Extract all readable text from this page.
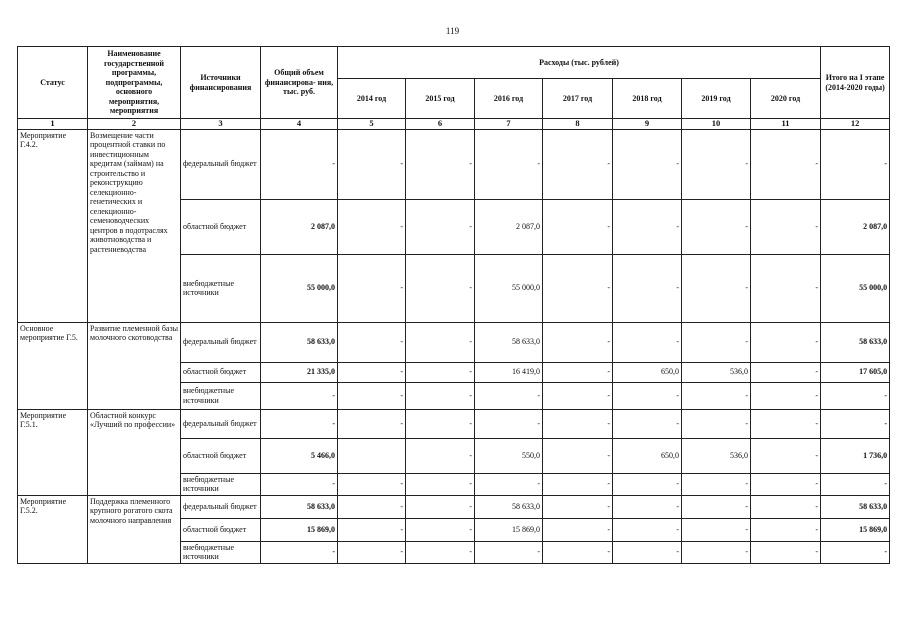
119
Статус	Наименование государственной программы, подпрограммы, основного мероприятия, мероприятия	Источники финансирования	Общий объем финансирова- ния, тыс. руб.	Расходы (тыс. рублей)							Итого на I этапе (2014-2020 годы)
				2014 год	2015 год	2016 год	2017 год	2018 год	2019 год	2020 год	
1	2	3	4	5	6	7	8	9	10	11	12
Мероприятие Г.4.2.	Возмещение части процентной ставки по инвестиционным кредитам (займам) на строительство и реконструкцию селекционно-генетических и селекционно-семеноводческих центров в подотраслях животноводства и растениеводства	федеральный бюджет	-	-	-	-	-	-	-	-	-
		областной бюджет	2 087,0	-	-	2 087,0	-	-	-	-	2 087,0
		внебюджетные источники	55 000,0	-	-	55 000,0	-	-	-	-	55 000,0
Основное мероприятие Г.5.	Развитие племенной базы молочного скотоводства	федеральный бюджет	58 633,0	-	-	58 633,0	-	-	-	-	58 633,0
		областной бюджет	21 335,0	-	-	16 419,0	-	650,0	536,0	-	17 605,0
		внебюджетные источники	-	-	-	-	-	-	-	-	-
Мероприятие Г.5.1.	Областной конкурс «Лучший по профессии»	федеральный бюджет	-	-	-	-	-	-	-	-	-
		областной бюджет	5 466,0		-	550,0	-	650,0	536,0	-	1 736,0
		внебюджетные источники	-	-	-	-	-	-	-	-	-
Мероприятие Г.5.2.	Поддержка племенного крупного рогатого скота молочного направления	федеральный бюджет	58 633,0	-	-	58 633,0	-	-	-	-	58 633,0
		областной бюджет	15 869,0	-	-	15 869,0	-	-	-	-	15 869,0
		внебюджетные источники	-	-	-	-	-	-	-	-	-
